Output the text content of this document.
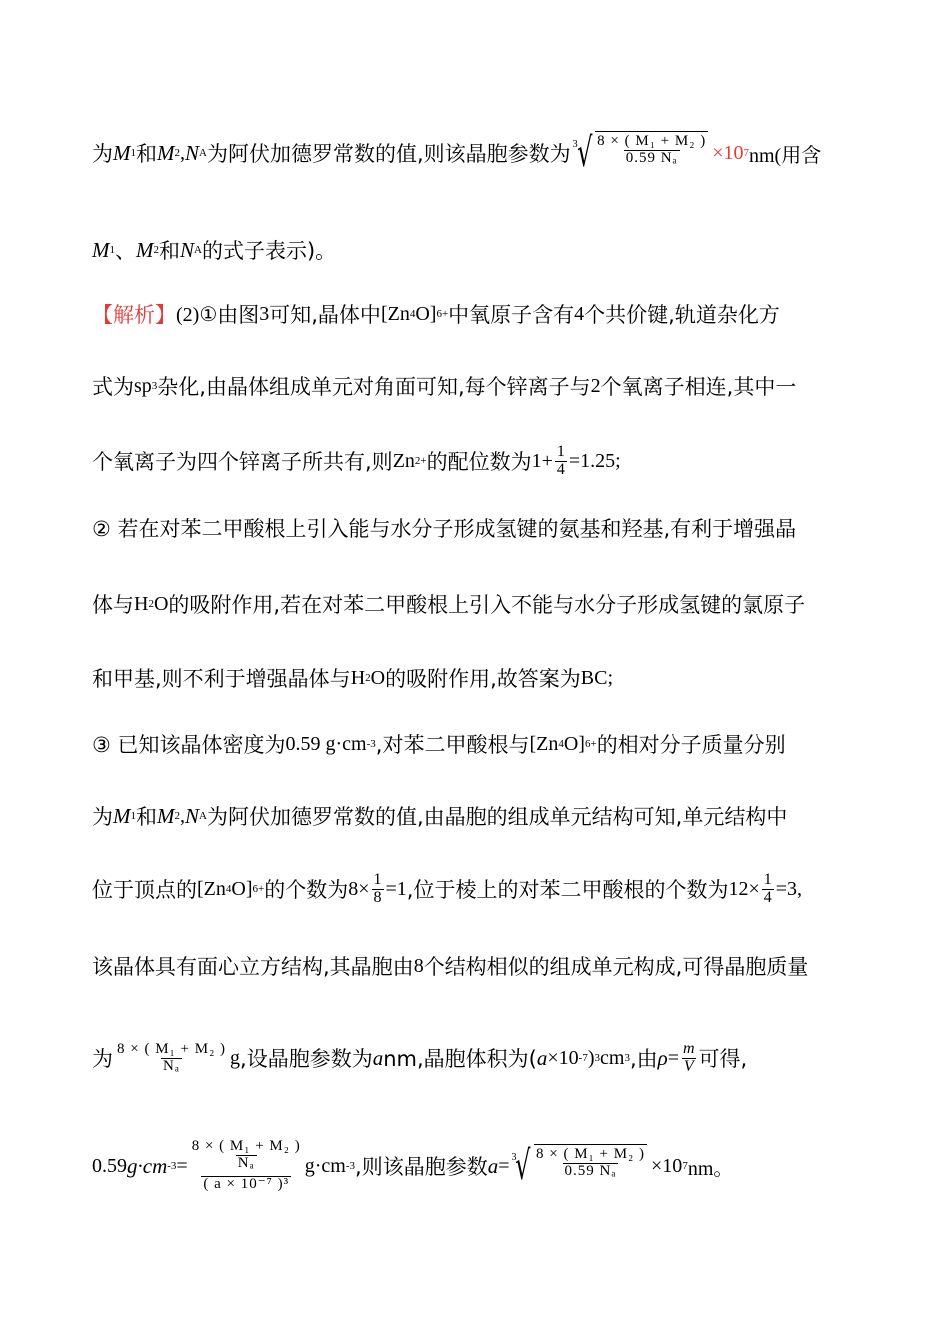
为 M 1 和 M 2 , N A 为阿伏加德罗常数的值,则该晶胞参数为 3 √ $\frac{\text{8 × ( M₁ + M₂ )}}{\text{0.59 Nₐ}} \times 10$ 7 nm(用含
M 1 、 M 2 和 N A 的式子表示)。
【解析】 (2)① 由图 3 可知,晶体中 [Zn 4 O] 6+ 中氧原子含有 4 个共价键,轨道杂化方
式为 sp 3 杂化,由晶体组成单元对角面可知,每个锌离子与 2 个氧离子相连,其中一
个氧离子为四个锌离子所共有,则 Zn 2+ 的配位数为 $1+ \frac{1}{4} =1.25$;
② 若在对苯二甲酸根上引入能与水分子形成氢键的氨基和羟基,有利于增强晶
体与 H 2 O 的吸附作用,若在对苯二甲酸根上引入不能与水分子形成氢键的氯原子
和甲基,则不利于增强晶体与 H 2 O 的吸附作用,故答案为 BC ;
③ 已知该晶体密度为 0.59 g·cm -3 ,对苯二甲酸根与 [Zn 4 O] 6+ 的相对分子质量分别
为 M 1 和 M 2 , N A 为阿伏加德罗常数的值,由晶胞的组成单元结构可知,单元结构中
位于顶点的 [Zn 4 O] 6+ 的个数为 $8\times \frac{1}{8} =1$ ,位于棱上的对苯二甲酸根的个数为 $12\times \frac{1}{4} =3$,
该晶体具有面心立方结构,其晶胞由 8 个结构相似的组成单元构成,可得晶胞质量
为 $\frac{\text{8 × ( M₁ + M₂ )}}{\text{Nₐ}}$ g ,设晶胞参数为 a nm,晶胞体积为( a ×10 -7 ) 3 cm 3 ,由 $\rho = \frac{m}{V}$ 可得,
0.59 g·cm -3 =
8 × ( M₁ + M₂ )
Nₐ
( a × 10⁻⁷ )³
g·cm -3 ,则该晶胞参数 a = 3 √ $\frac{\text{8 × ( M₁ + M₂ )}}{\text{0.59 Nₐ}} \times 10$ 7 nm。
